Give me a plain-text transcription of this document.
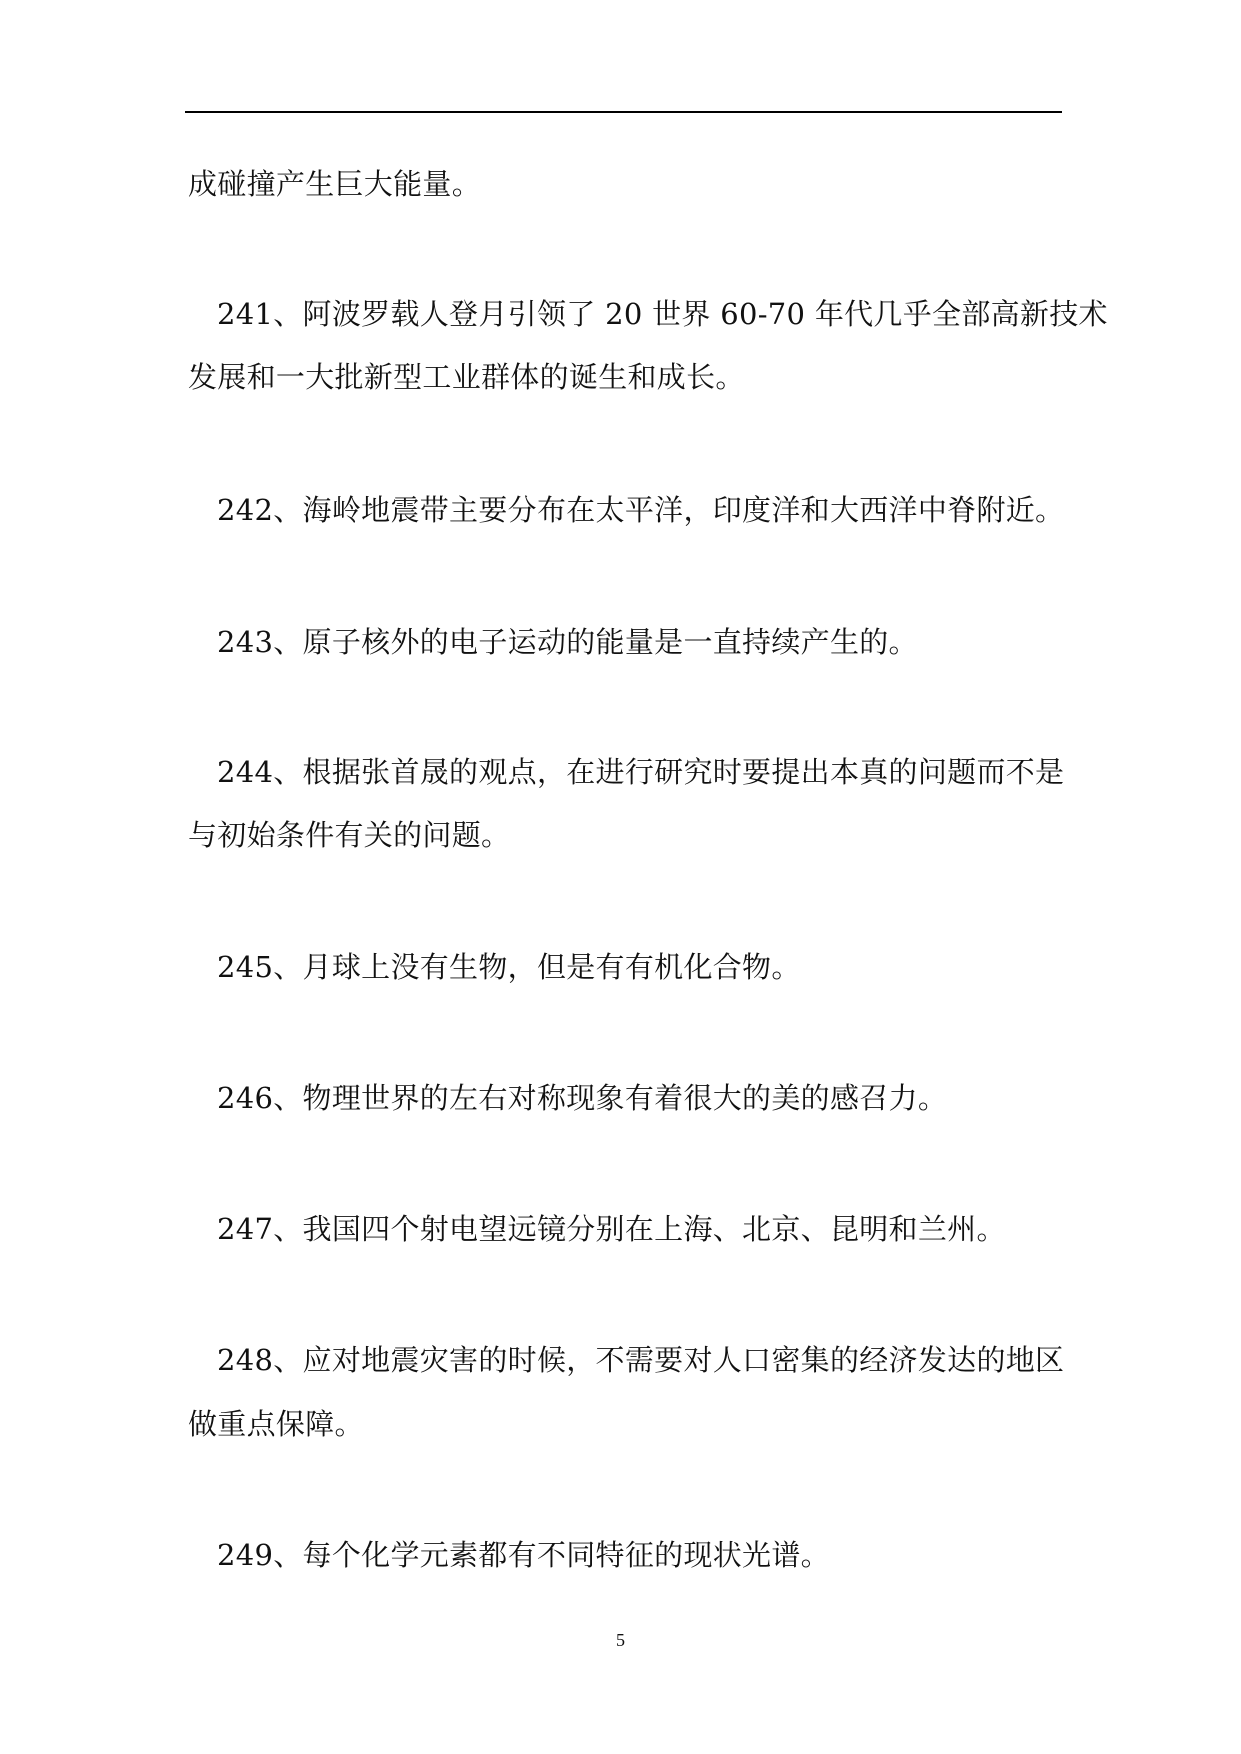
成碰撞产生巨大能量。
241、阿波罗载人登月引领了 20 世界 60-70 年代几乎全部高新技术
发展和一大批新型工业群体的诞生和成长。
242、海岭地震带主要分布在太平洋，印度洋和大西洋中脊附近。
243、原子核外的电子运动的能量是一直持续产生的。
244、根据张首晟的观点，在进行研究时要提出本真的问题而不是
与初始条件有关的问题。
245、月球上没有生物，但是有有机化合物。
246、物理世界的左右对称现象有着很大的美的感召力。
247、我国四个射电望远镜分别在上海、北京、昆明和兰州。
248、应对地震灾害的时候，不需要对人口密集的经济发达的地区
做重点保障。
249、每个化学元素都有不同特征的现状光谱。
5
